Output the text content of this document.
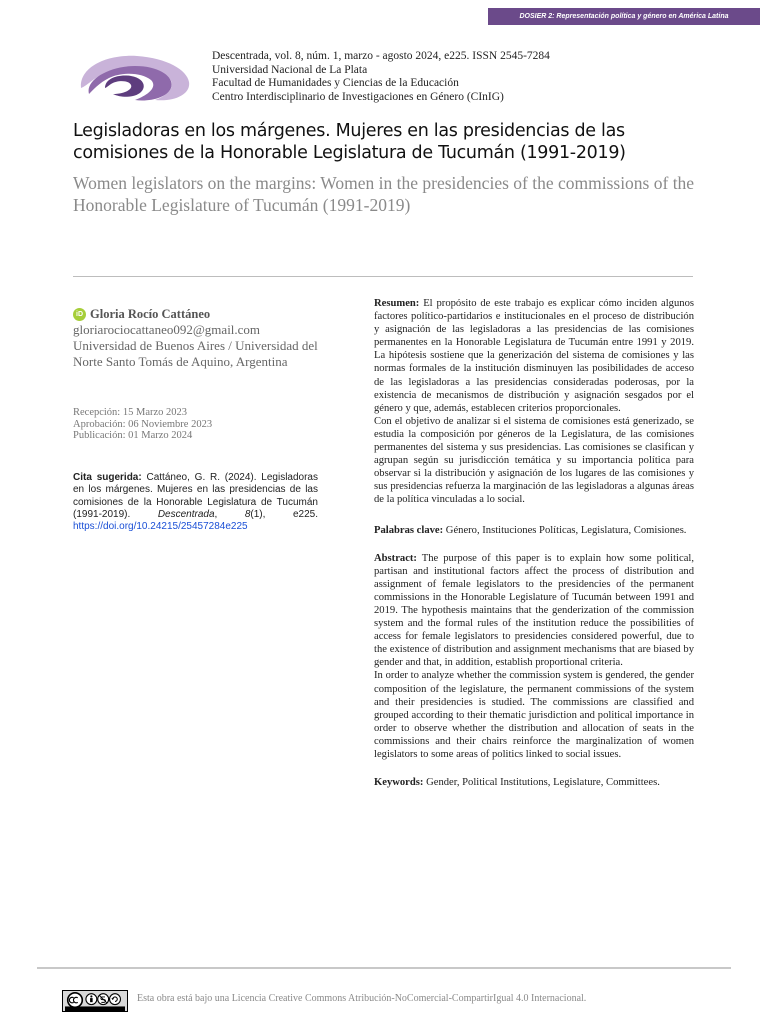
DOSIER 2: Representación política y género en América Latina
Descentrada, vol. 8, núm. 1, marzo - agosto 2024, e225. ISSN 2545-7284
Universidad Nacional de La Plata
Facultad de Humanidades y Ciencias de la Educación
Centro Interdisciplinario de Investigaciones en Género (CInIG)
Legisladoras en los márgenes. Mujeres en las presidencias de las comisiones de la Honorable Legislatura de Tucumán (1991-2019)
Women legislators on the margins: Women in the presidencies of the commissions of the Honorable Legislature of Tucumán (1991-2019)
iD Gloria Rocío Cattáneo
gloriarociocattaneo092@gmail.com
Universidad de Buenos Aires / Universidad del Norte Santo Tomás de Aquino, Argentina
Recepción: 15 Marzo 2023
Aprobación: 06 Noviembre 2023
Publicación: 01 Marzo 2024
Cita sugerida: Cattáneo, G. R. (2024). Legisladoras en los márgenes. Mujeres en las presidencias de las comisiones de la Honorable Legislatura de Tucumán (1991-2019). Descentrada, 8(1), e225. https://doi.org/10.24215/25457284e225

Resumen: El propósito de este trabajo es explicar cómo inciden algunos factores político-partidarios e institucionales en el proceso de distribución y asignación de las legisladoras a las presidencias de las comisiones permanentes en la Honorable Legislatura de Tucumán entre 1991 y 2019. La hipótesis sostiene que la generización del sistema de comisiones y las normas formales de la institución disminuyen las posibilidades de acceso de las legisladoras a las presidencias consideradas poderosas, por la existencia de mecanismos de distribución y asignación sesgados por el género y que, además, establecen criterios proporcionales.

Con el objetivo de analizar si el sistema de comisiones está generizado, se estudia la composición por géneros de la Legislatura, de las comisiones permanentes del sistema y sus presidencias. Las comisiones se clasifican y agrupan según su jurisdicción temática y su importancia política para observar si la distribución y asignación de los lugares de las comisiones y sus presidencias refuerza la marginación de las legisladoras a algunas áreas de la política vinculadas a lo social.

Palabras clave: Género, Instituciones Políticas, Legislatura, Comisiones.

Abstract: The purpose of this paper is to explain how some political, partisan and institutional factors affect the process of distribution and assignment of female legislators to the presidencies of the permanent commissions in the Honorable Legislature of Tucumán between 1991 and 2019. The hypothesis maintains that the genderization of the commission system and the formal rules of the institution reduce the possibilities of access for female legislators to presidencies considered powerful, due to the existence of distribution and assignment mechanisms that are biased by gender and that, in addition, establish proportional criteria.

In order to analyze whether the commission system is gendered, the gender composition of the legislature, the permanent commissions of the system and their presidencies is studied. The commissions are classified and grouped according to their thematic jurisdiction and political importance in order to observe whether the distribution and allocation of seats in the commissions and their chairs reinforce the marginalization of women legislators to some areas of politics linked to social issues.

Keywords: Gender, Political Institutions, Legislature, Committees.

Esta obra está bajo una Licencia Creative Commons Atribución-NoComercial-CompartirIgual 4.0 Internacional.
